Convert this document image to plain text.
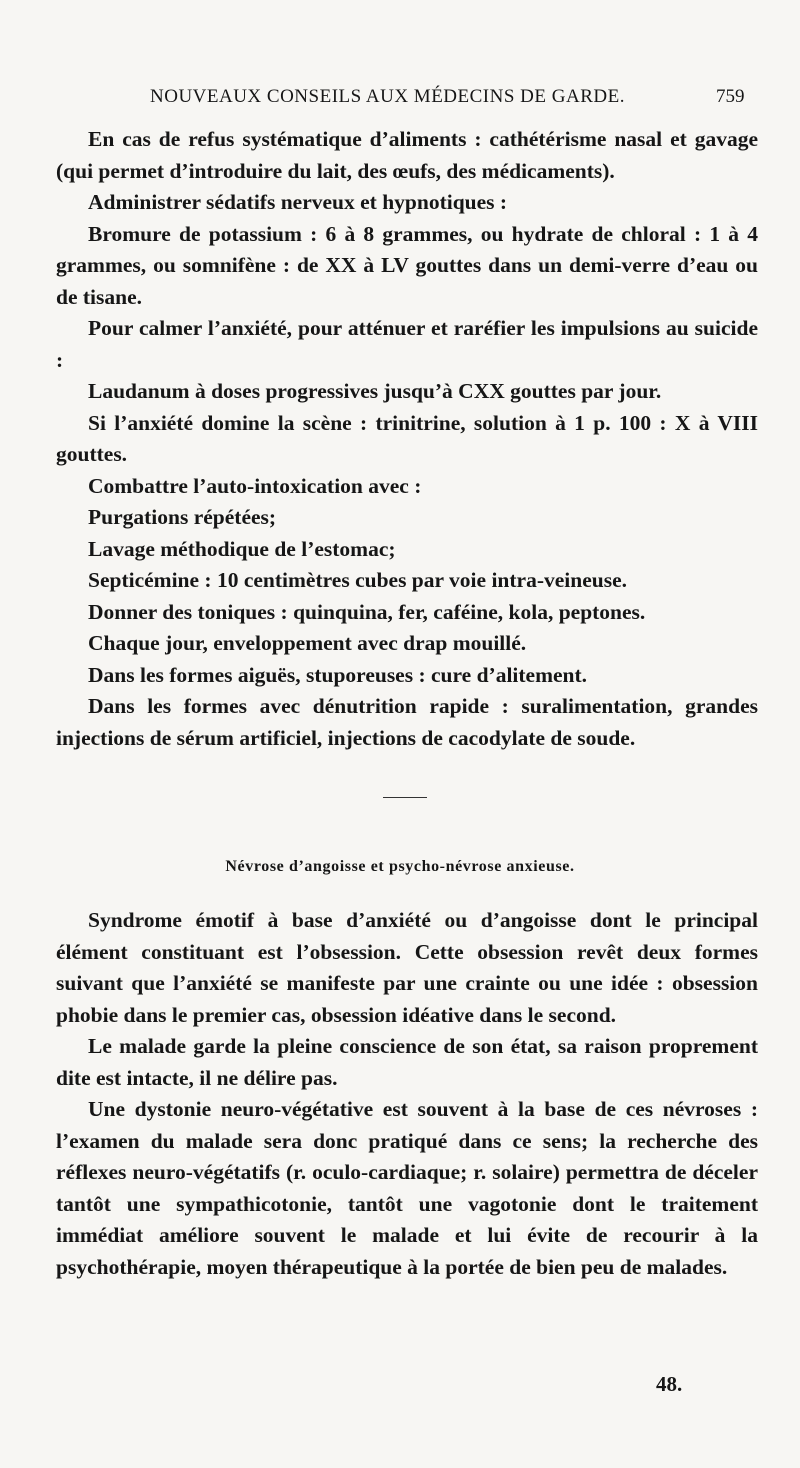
NOUVEAUX CONSEILS AUX MÉDECINS DE GARDE.	759

En cas de refus systématique d’aliments : cathétérisme nasal et gavage (qui permet d’introduire du lait, des œufs, des médicaments).

Administrer sédatifs nerveux et hypnotiques :

Bromure de potassium : 6 à 8 grammes, ou hydrate de chloral : 1 à 4 grammes, ou somnifène : de XX à LV gouttes dans un demi-verre d’eau ou de tisane.

Pour calmer l’anxiété, pour atténuer et raréfier les impulsions au suicide :

Laudanum à doses progressives jusqu’à CXX gouttes par jour.

Si l’anxiété domine la scène : trinitrine, solution à 1 p. 100 : X à VIII gouttes.

Combattre l’auto-intoxication avec :

Purgations répétées;

Lavage méthodique de l’estomac;

Septicémine : 10 centimètres cubes par voie intra-veineuse.

Donner des toniques : quinquina, fer, caféine, kola, peptones.

Chaque jour, enveloppement avec drap mouillé.

Dans les formes aiguës, stuporeuses : cure d’alitement.

Dans les formes avec dénutrition rapide : suralimentation, grandes injections de sérum artificiel, injections de cacodylate de soude.

Névrose d’angoisse et psycho-névrose anxieuse.

Syndrome émotif à base d’anxiété ou d’angoisse dont le principal élément constituant est l’obsession. Cette obsession revêt deux formes suivant que l’anxiété se manifeste par une crainte ou une idée : obsession phobie dans le premier cas, obsession idéative dans le second.

Le malade garde la pleine conscience de son état, sa raison proprement dite est intacte, il ne délire pas.

Une dystonie neuro-végétative est souvent à la base de ces névroses : l’examen du malade sera donc pratiqué dans ce sens; la recherche des réflexes neuro-végétatifs (r. oculo-cardiaque; r. solaire) permettra de déceler tantôt une sympathicotonie, tantôt une vagotonie dont le traitement immédiat améliore souvent le malade et lui évite de recourir à la psychothérapie, moyen thérapeutique à la portée de bien peu de malades.

48.
